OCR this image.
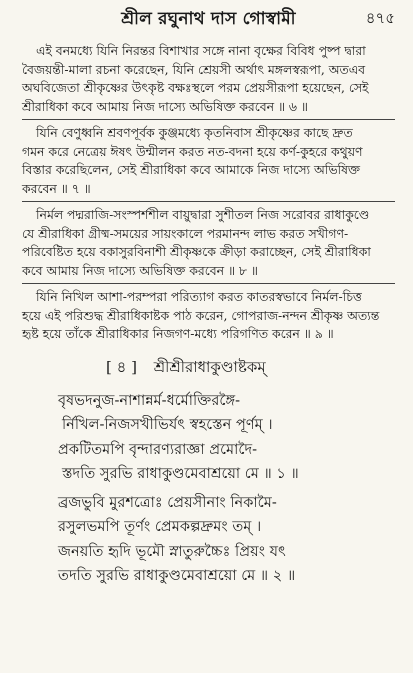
শ্রীল রঘুনাথ দাস গোস্বামী	৪৭৫

এই বনমধ্যে যিনি নিরন্তর বিশাখার সঙ্গে নানা বৃক্ষের বিবিধ পুষ্প দ্বারা
বৈজয়ন্তী-মালা রচনা করেছেন, যিনি শ্রেয়সী অর্থাৎ মঙ্গলস্বরূপা, অতএব
অঘবিজেতা শ্রীকৃষ্ণের উৎকৃষ্ট বক্ষঃস্থলে পরম প্রেয়সীরূপা হয়েছেন, সেই
শ্রীরাধিকা কবে আমায় নিজ দাস্যে অভিষিক্ত করবেন ॥ ৬ ॥

যিনি বেণুধ্বনি শ্রবণপূর্বক কুঞ্জমধ্যে কৃতনিবাস শ্রীকৃষ্ণের কাছে দ্রুত
গমন করে নেত্রেয় ঈষৎ উন্মীলন করত নত-বদনা হয়ে কর্ণ-কুহরে কথুয়ণ
বিস্তার করেছিলেন, সেই শ্রীরাধিকা কবে আমাকে নিজ দাস্যে অভিষিক্ত
করবেন ॥ ৭ ॥

নির্মল পদ্মরাজি-সংস্পর্শশীল বায়ুদ্বারা সুশীতল নিজ সরোবর রাধাকুণ্ডে
যে শ্রীরাধিকা গ্রীষ্ম-সময়ের সায়ংকালে পরমানন্দ লাভ করত সখীগণ-
পরিবেষ্টিত হয়ে বকাসুরবিনাশী শ্রীকৃষ্ণকে ক্রীড়া করাচ্ছেন, সেই শ্রীরাধিকা
কবে আমায় নিজ দাস্যে অভিষিক্ত করবেন ॥ ৮ ॥

যিনি নিখিল আশা-পরম্পরা পরিত্যাগ করত কাতরস্বভাবে নির্মল-চিত্ত
হয়ে এই পরিশুদ্ধ শ্রীরাধিকাষ্টক পাঠ করেন, গোপরাজ-নন্দন শ্রীকৃষ্ণ অত্যন্ত
হৃষ্ট হয়ে তাঁকে শ্রীরাধিকার নিজগণ-মধ্যে পরিগণিত করেন ॥ ৯ ॥

[ ৪ ] শ্রীশ্রীরাধাকুণ্ডাষ্টকম্
বৃষভদনুজ-নাশান্নর্ম-ধর্মোক্তিরঙ্গৈ-
র্নিখিল-নিজসখীভির্যৎ স্বহস্তেন পূর্ণম্ ।
প্রকটিতমপি বৃন্দারণ্যরাজ্ঞা প্রমোদৈ-
স্তদতি সুরভি রাধাকুণ্ডমেবাশ্রয়ো মে ॥ ১ ॥
ব্রজভুবি মুরশত্রোঃ প্রেয়সীনাং নিকামৈ-
রসুলভমপি তূর্ণং প্রেমকল্পদ্রুমং তম্ ।
জনয়তি হৃদি ভূমৌ স্নাতুরুচ্চৈঃ প্রিয়ং যৎ
তদতি সুরভি রাধাকুণ্ডমেবাশ্রয়ো মে ॥ ২ ॥
